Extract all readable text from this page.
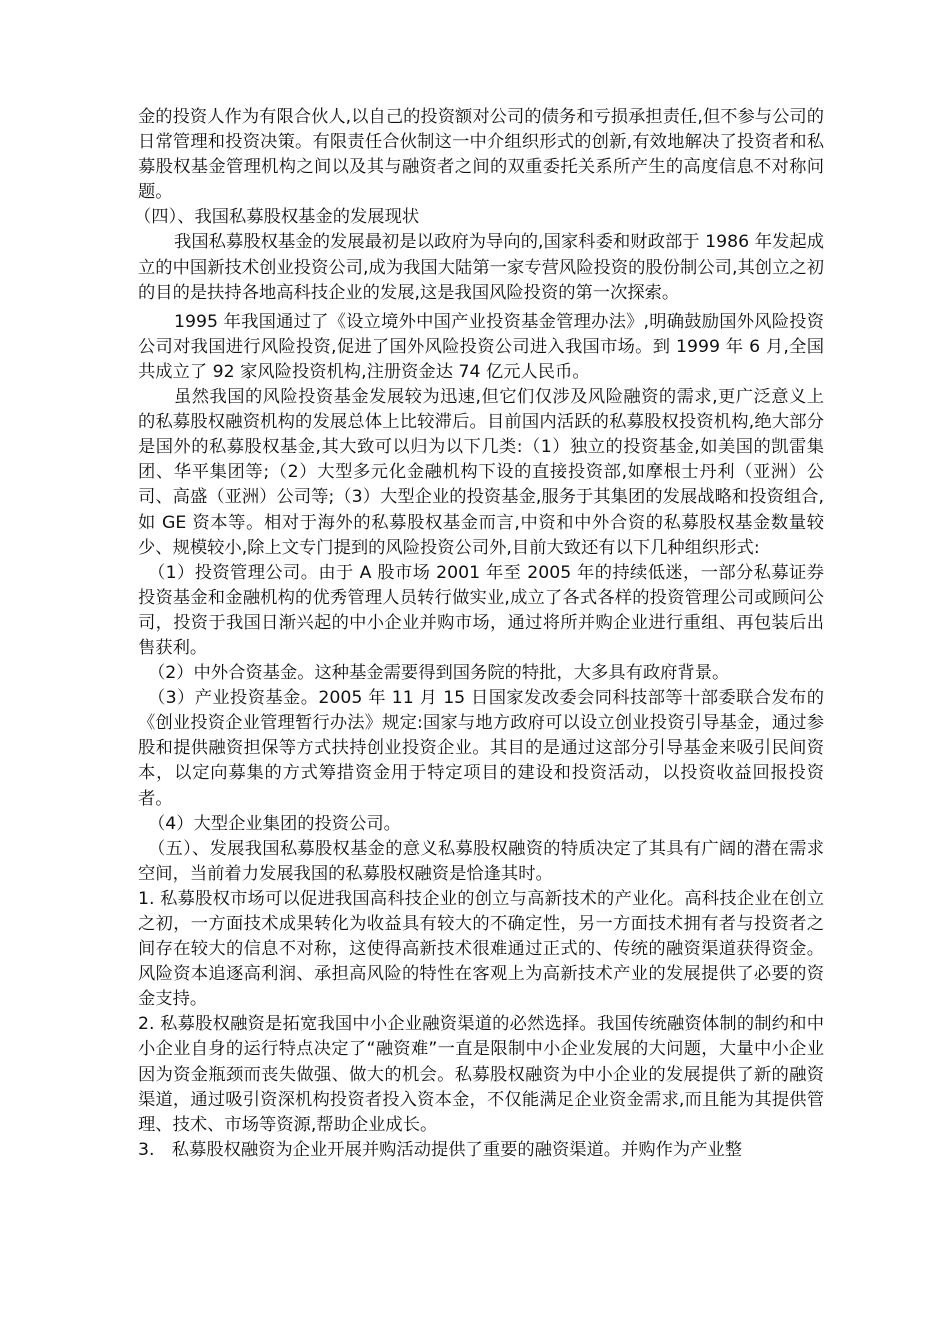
金的投资人作为有限合伙人,以自己的投资额对公司的债务和亏损承担责任,但不参与公司的日常管理和投资决策。有限责任合伙制这一中介组织形式的创新,有效地解决了投资者和私募股权基金管理机构之间以及其与融资者之间的双重委托关系所产生的高度信息不对称问题。

（四）、我国私募股权基金的发展现状

我国私募股权基金的发展最初是以政府为导向的,国家科委和财政部于 1986 年发起成立的中国新技术创业投资公司,成为我国大陆第一家专营风险投资的股份制公司,其创立之初的目的是扶持各地高科技企业的发展,这是我国风险投资的第一次探索。

1995 年我国通过了《设立境外中国产业投资基金管理办法》,明确鼓励国外风险投资公司对我国进行风险投资,促进了国外风险投资公司进入我国市场。到 1999 年 6 月,全国共成立了 92 家风险投资机构,注册资金达 74 亿元人民币。

虽然我国的风险投资基金发展较为迅速,但它们仅涉及风险融资的需求,更广泛意义上的私募股权融资机构的发展总体上比较滞后。目前国内活跃的私募股权投资机构,绝大部分是国外的私募股权基金,其大致可以归为以下几类:（1）独立的投资基金,如美国的凯雷集团、华平集团等;（2）大型多元化金融机构下设的直接投资部,如摩根士丹利（亚洲）公司、高盛（亚洲）公司等;（3）大型企业的投资基金,服务于其集团的发展战略和投资组合,如 GE 资本等。相对于海外的私募股权基金而言,中资和中外合资的私募股权基金数量较少、规模较小,除上文专门提到的风险投资公司外,目前大致还有以下几种组织形式:

（1）投资管理公司。由于 A 股市场 2001 年至 2005 年的持续低迷，一部分私募证券投资基金和金融机构的优秀管理人员转行做实业,成立了各式各样的投资管理公司或顾问公司，投资于我国日渐兴起的中小企业并购市场，通过将所并购企业进行重组、再包装后出售获利。

（2）中外合资基金。这种基金需要得到国务院的特批，大多具有政府背景。

（3）产业投资基金。2005 年 11 月 15 日国家发改委会同科技部等十部委联合发布的《创业投资企业管理暂行办法》规定:国家与地方政府可以设立创业投资引导基金，通过参股和提供融资担保等方式扶持创业投资企业。其目的是通过这部分引导基金来吸引民间资本，以定向募集的方式筹措资金用于特定项目的建设和投资活动，以投资收益回报投资者。

（4）大型企业集团的投资公司。

（五）、发展我国私募股权基金的意义私募股权融资的特质决定了其具有广阔的潜在需求空间，当前着力发展我国的私募股权融资是恰逢其时。

1. 私募股权市场可以促进我国高科技企业的创立与高新技术的产业化。高科技企业在创立之初，一方面技术成果转化为收益具有较大的不确定性，另一方面技术拥有者与投资者之间存在较大的信息不对称，这使得高新技术很难通过正式的、传统的融资渠道获得资金。风险资本追逐高利润、承担高风险的特性在客观上为高新技术产业的发展提供了必要的资金支持。

2. 私募股权融资是拓宽我国中小企业融资渠道的必然选择。我国传统融资体制的制约和中小企业自身的运行特点决定了“融资难”一直是限制中小企业发展的大问题，大量中小企业因为资金瓶颈而丧失做强、做大的机会。私募股权融资为中小企业的发展提供了新的融资渠道，通过吸引资深机构投资者投入资本金，不仅能满足企业资金需求,而且能为其提供管理、技术、市场等资源,帮助企业成长。

3.　私募股权融资为企业开展并购活动提供了重要的融资渠道。并购作为产业整
